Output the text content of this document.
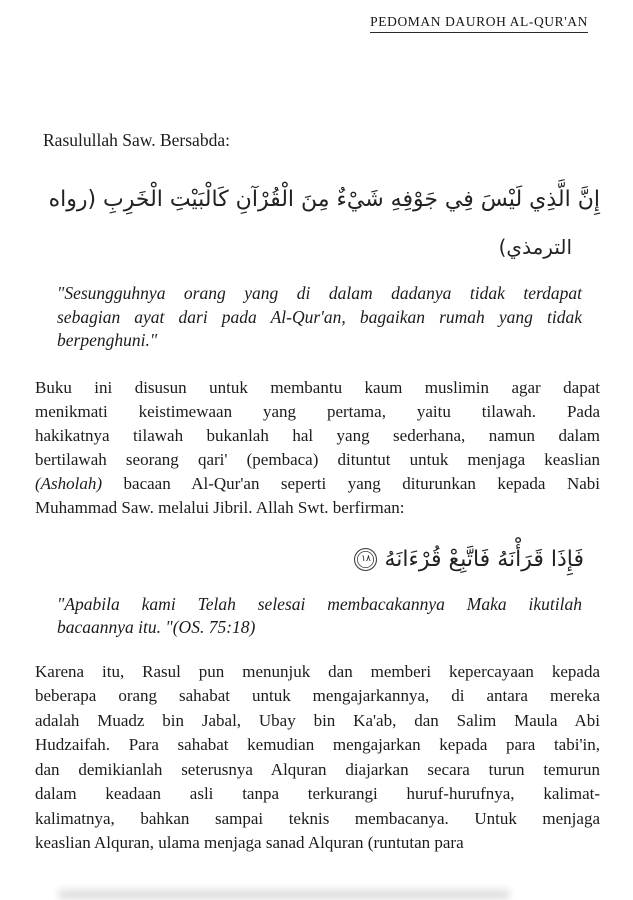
PEDOMAN DAUROH AL-QUR'AN
Rasulullah Saw. Bersabda:
إِنَّ الَّذِي لَيْسَ فِي جَوْفِهِ شَيْءٌ مِنَ الْقُرْآنِ كَالْبَيْتِ الْخَرِبِ (رواه
الترمذي)
"Sesungguhnya orang yang di dalam dadanya tidak terdapat
sebagian ayat dari pada Al-Qur'an, bagaikan rumah yang tidak
berpenghuni."
Buku ini disusun untuk membantu kaum muslimin agar dapat
menikmati keistimewaan yang pertama, yaitu tilawah. Pada
hakikatnya tilawah bukanlah hal yang sederhana, namun dalam
bertilawah seorang qari' (pembaca) dituntut untuk menjaga keaslian
(Asholah) bacaan Al-Qur'an seperti yang diturunkan kepada Nabi
Muhammad Saw. melalui Jibril. Allah Swt. berfirman:
فَإِذَا قَرَأْنَهُ فَاتَّبِعْ قُرْءَانَهُ١٨
"Apabila kami Telah selesai membacakannya Maka ikutilah
bacaannya itu. "(OS. 75:18)
Karena itu, Rasul pun menunjuk dan memberi kepercayaan kepada
beberapa orang sahabat untuk mengajarkannya, di antara mereka
adalah Muadz bin Jabal, Ubay bin Ka'ab, dan Salim Maula Abi
Hudzaifah. Para sahabat kemudian mengajarkan kepada para tabi'in,
dan demikianlah seterusnya Alquran diajarkan secara turun temurun
dalam keadaan asli tanpa terkurangi huruf-hurufnya, kalimat-
kalimatnya, bahkan sampai teknis membacanya. Untuk menjaga
keaslian Alquran, ulama menjaga sanad Alquran (runtutan para
